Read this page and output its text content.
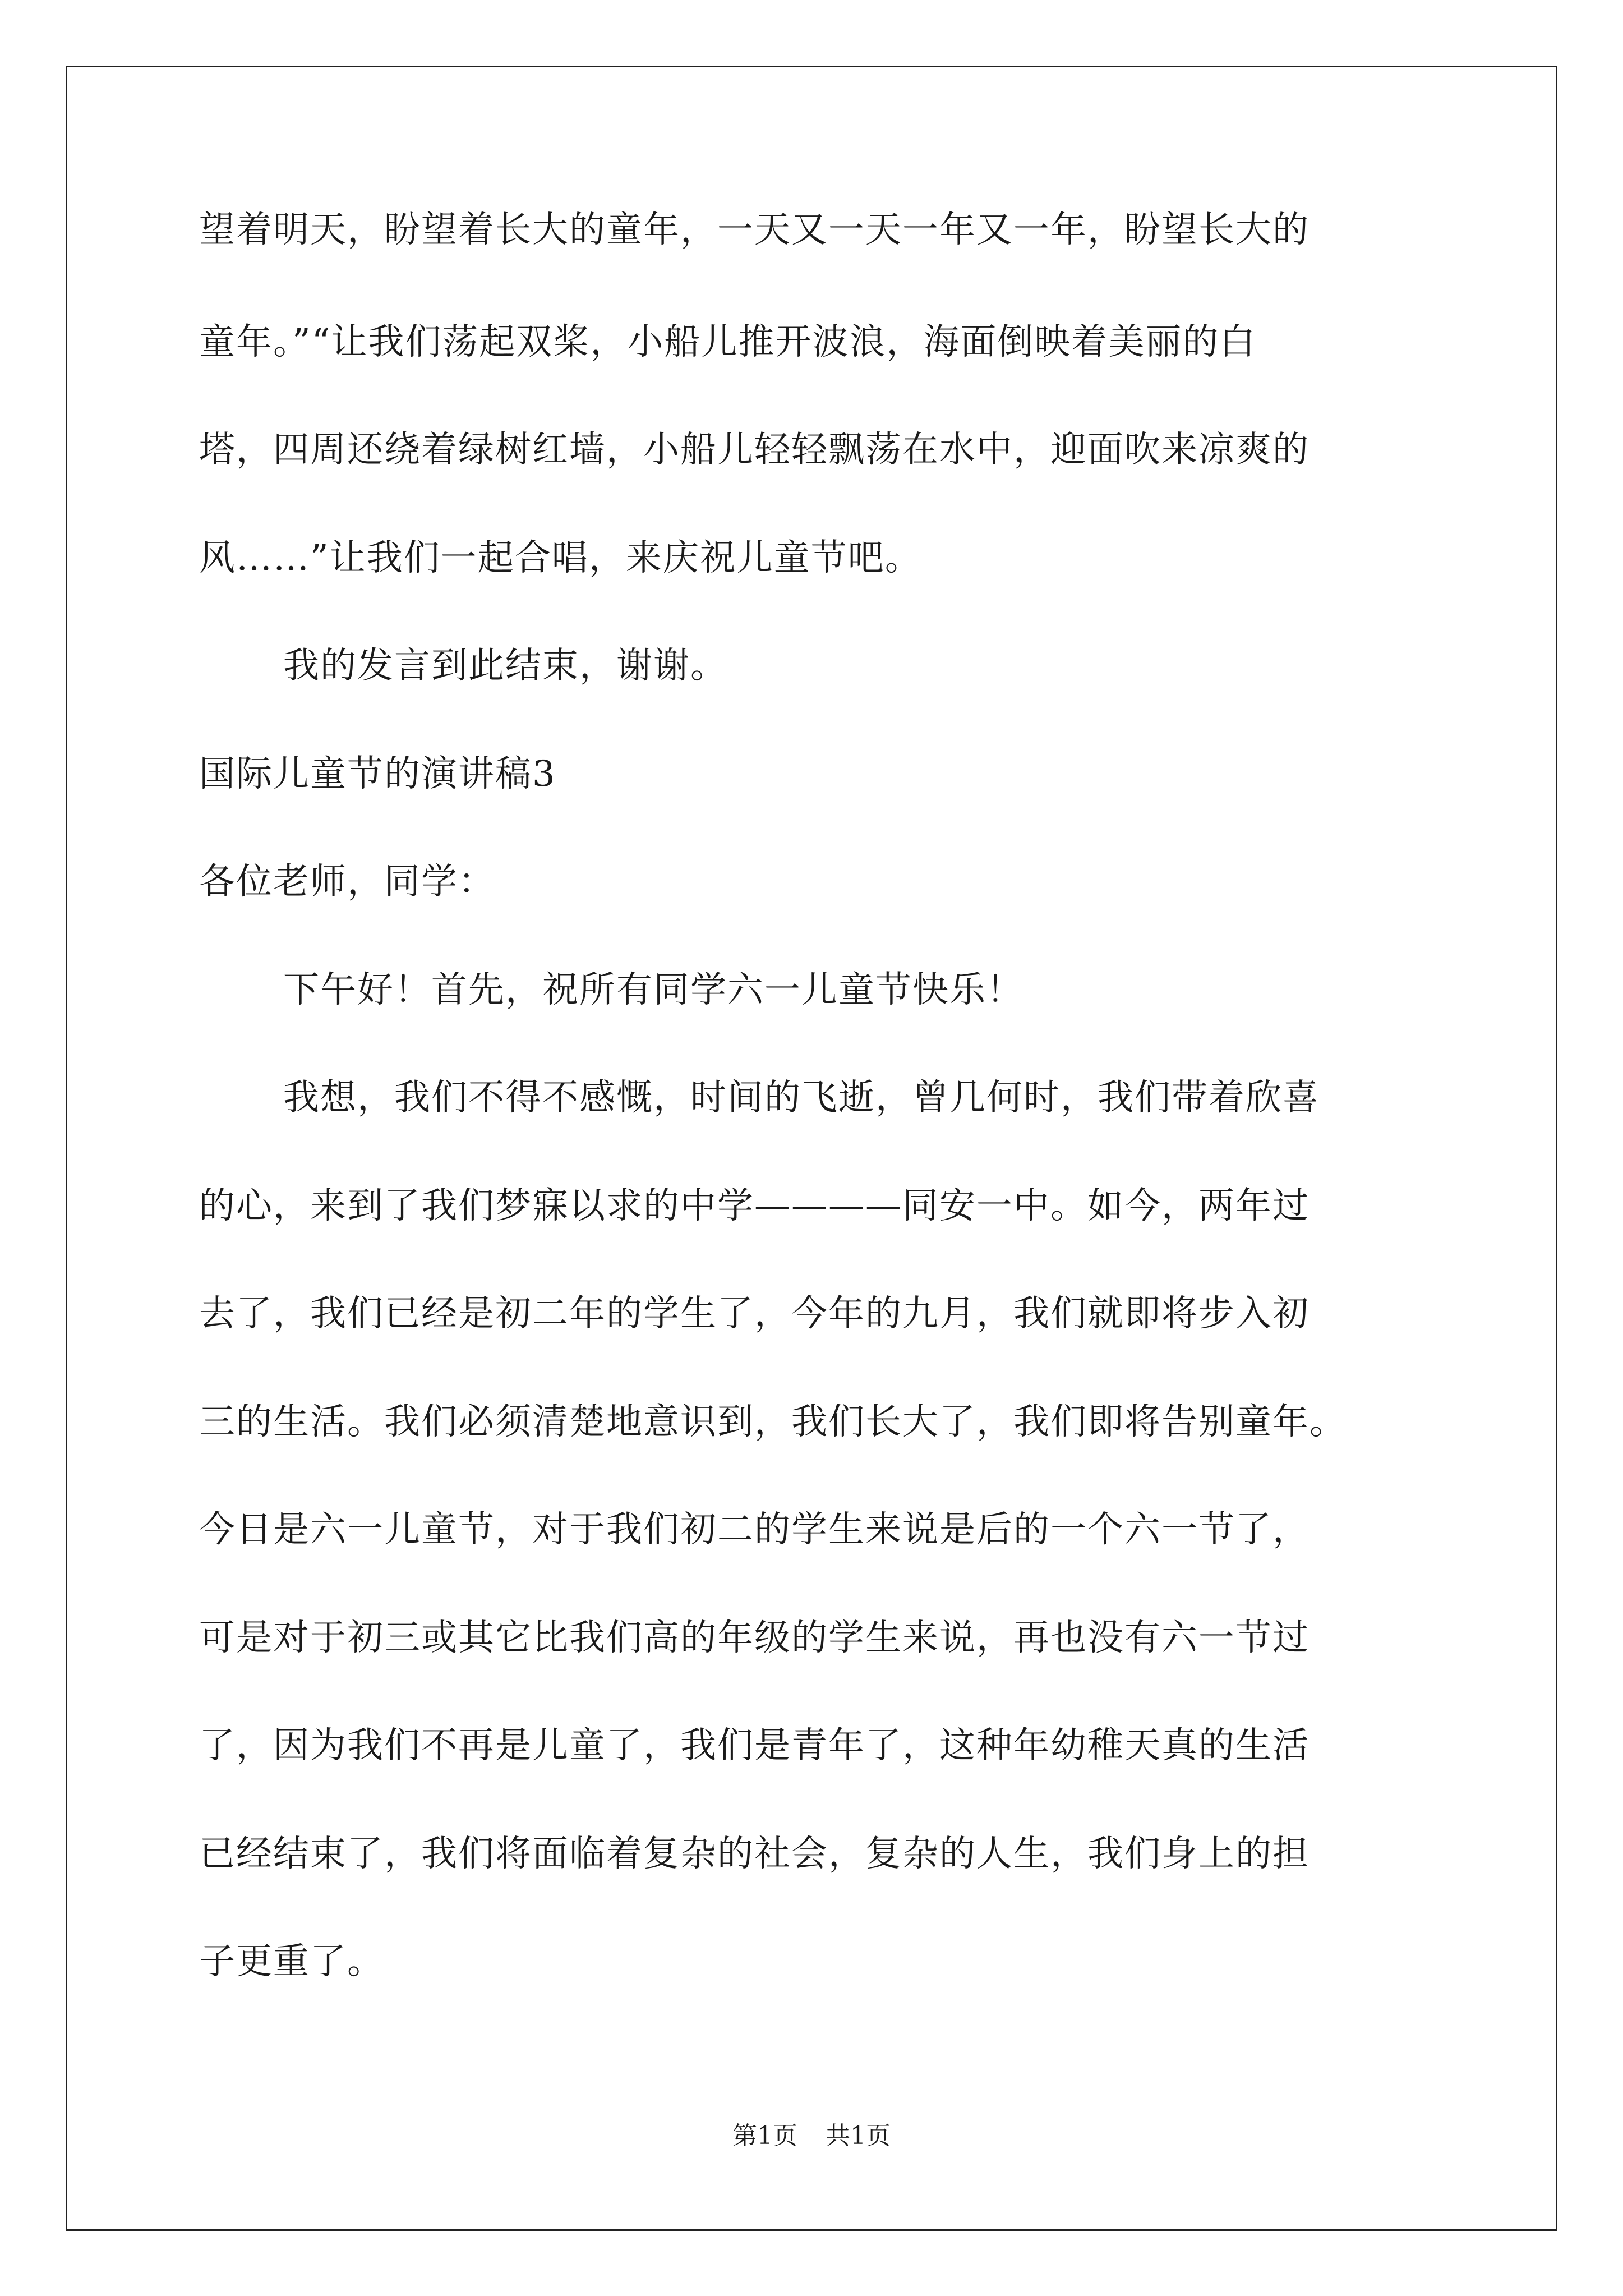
望着明天，盼望着长大的童年，一天又一天一年又一年，盼望长大的
童年。”“让我们荡起双桨，小船儿推开波浪，海面倒映着美丽的白
塔，四周还绕着绿树红墙，小船儿轻轻飘荡在水中，迎面吹来凉爽的
风……”让我们一起合唱，来庆祝儿童节吧。
我的发言到此结束，谢谢。
国际儿童节的演讲稿3
各位老师，同学：
下午好！首先，祝所有同学六一儿童节快乐！
我想，我们不得不感慨，时间的飞逝，曾几何时，我们带着欣喜
的心，来到了我们梦寐以求的中学————同安一中。如今，两年过
去了，我们已经是初二年的学生了，今年的九月，我们就即将步入初
三的生活。我们必须清楚地意识到，我们长大了，我们即将告别童年。
今日是六一儿童节，对于我们初二的学生来说是后的一个六一节了，
可是对于初三或其它比我们高的年级的学生来说，再也没有六一节过
了，因为我们不再是儿童了，我们是青年了，这种年幼稚天真的生活
已经结束了，我们将面临着复杂的社会，复杂的人生，我们身上的担
子更重了。
第1页 共1页
